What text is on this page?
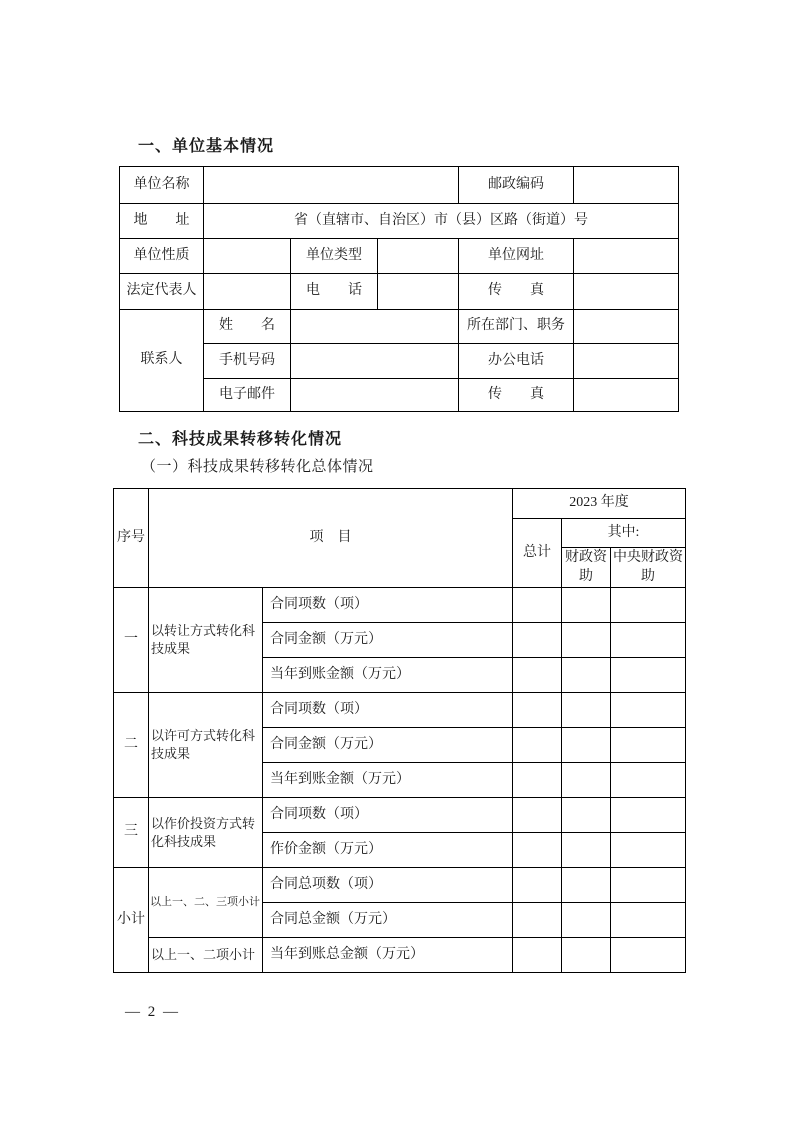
一、单位基本情况
单位名称				邮政编码	
地　　址	省（直辖市、自治区）市（县）区路（街道）号				
单位性质		单位类型		单位网址	
法定代表人		电　　话		传　　真	
联系人	姓　　名			所在部门、职务	
	手机号码			办公电话	
	电子邮件			传　　真	
二、科技成果转移转化情况
（一）科技成果转移转化总体情况
序号	项　目		2023 年度		
			总计	其中:	
				财政资助	中央财政资助
一	以转让方式转化科技成果	合同项数（项）			
		合同金额（万元）			
		当年到账金额（万元）			
二	以许可方式转化科技成果	合同项数（项）			
		合同金额（万元）			
		当年到账金额（万元）			
三	以作价投资方式转化科技成果	合同项数（项）			
		作价金额（万元）			
小计	以上一、二、三项小计	合同总项数（项）			
		合同总金额（万元）			
	以上一、二项小计	当年到账总金额（万元）			
— 2 —
